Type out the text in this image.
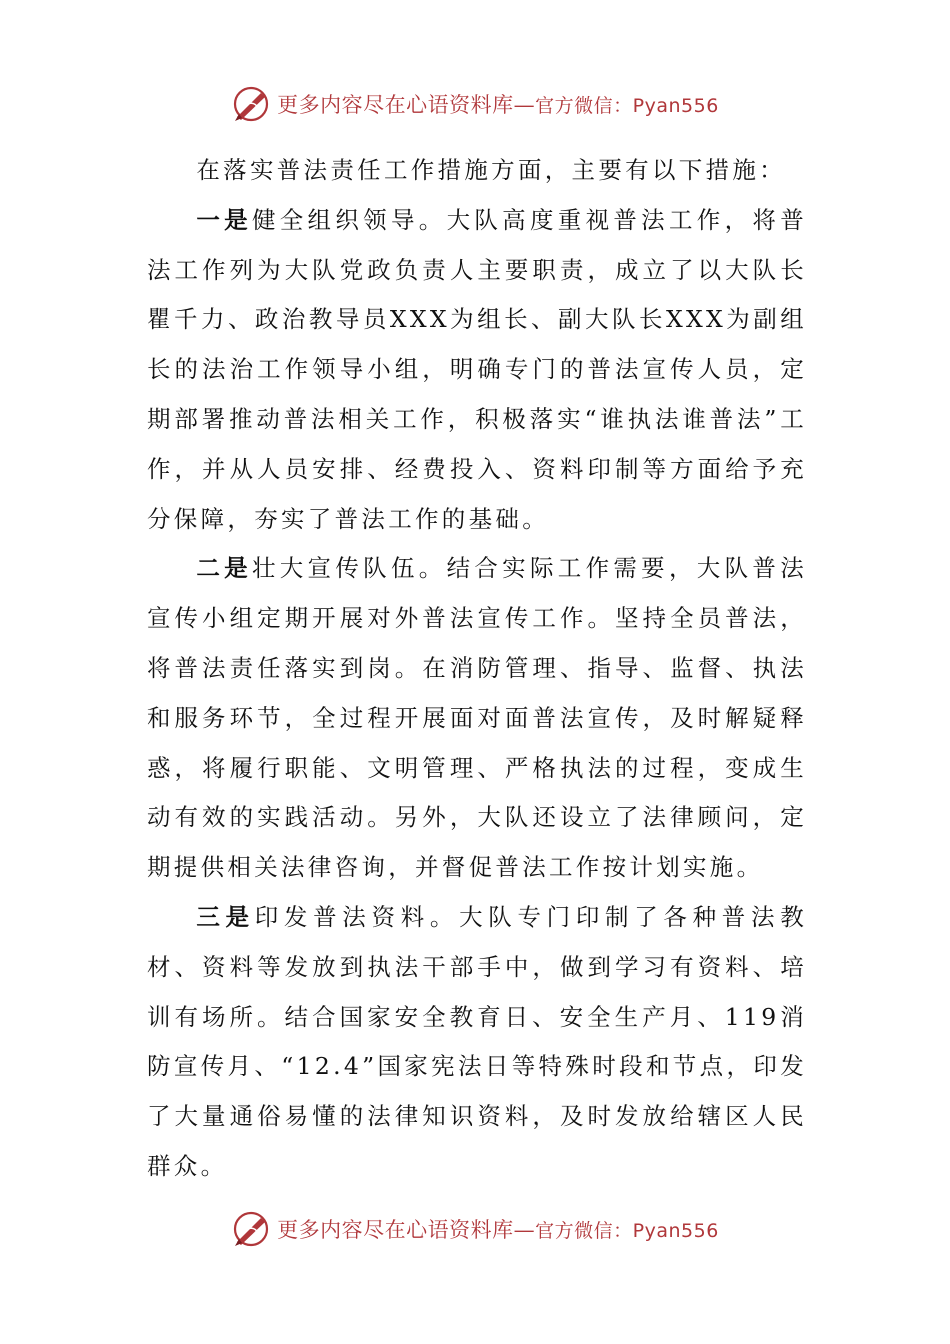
更多内容尽在心语资料库— 官方微信：Pyan556

在落实普法责任工作措施方面，主要有以下措施：

一是健全组织领导。大队高度重视普法工作，将普法工作列为大队党政负责人主要职责，成立了以大队长瞿千力、政治教导员XXX为组长、副大队长XXX为副组长的法治工作领导小组，明确专门的普法宣传人员，定期部署推动普法相关工作，积极落实“谁执法谁普法”工作，并从人员安排、经费投入、资料印制等方面给予充分保障，夯实了普法工作的基础。

二是壮大宣传队伍。结合实际工作需要，大队普法宣传小组定期开展对外普法宣传工作。坚持全员普法，将普法责任落实到岗。在消防管理、指导、监督、执法和服务环节，全过程开展面对面普法宣传，及时解疑释惑，将履行职能、文明管理、严格执法的过程，变成生动有效的实践活动。另外，大队还设立了法律顾问，定期提供相关法律咨询，并督促普法工作按计划实施。

三是印发普法资料。大队专门印制了各种普法教材、资料等发放到执法干部手中，做到学习有资料、培训有场所。结合国家安全教育日、安全生产月、119消防宣传月、“12.4”国家宪法日等特殊时段和节点，印发了大量通俗易懂的法律知识资料，及时发放给辖区人民群众。

更多内容尽在心语资料库— 官方微信：Pyan556
